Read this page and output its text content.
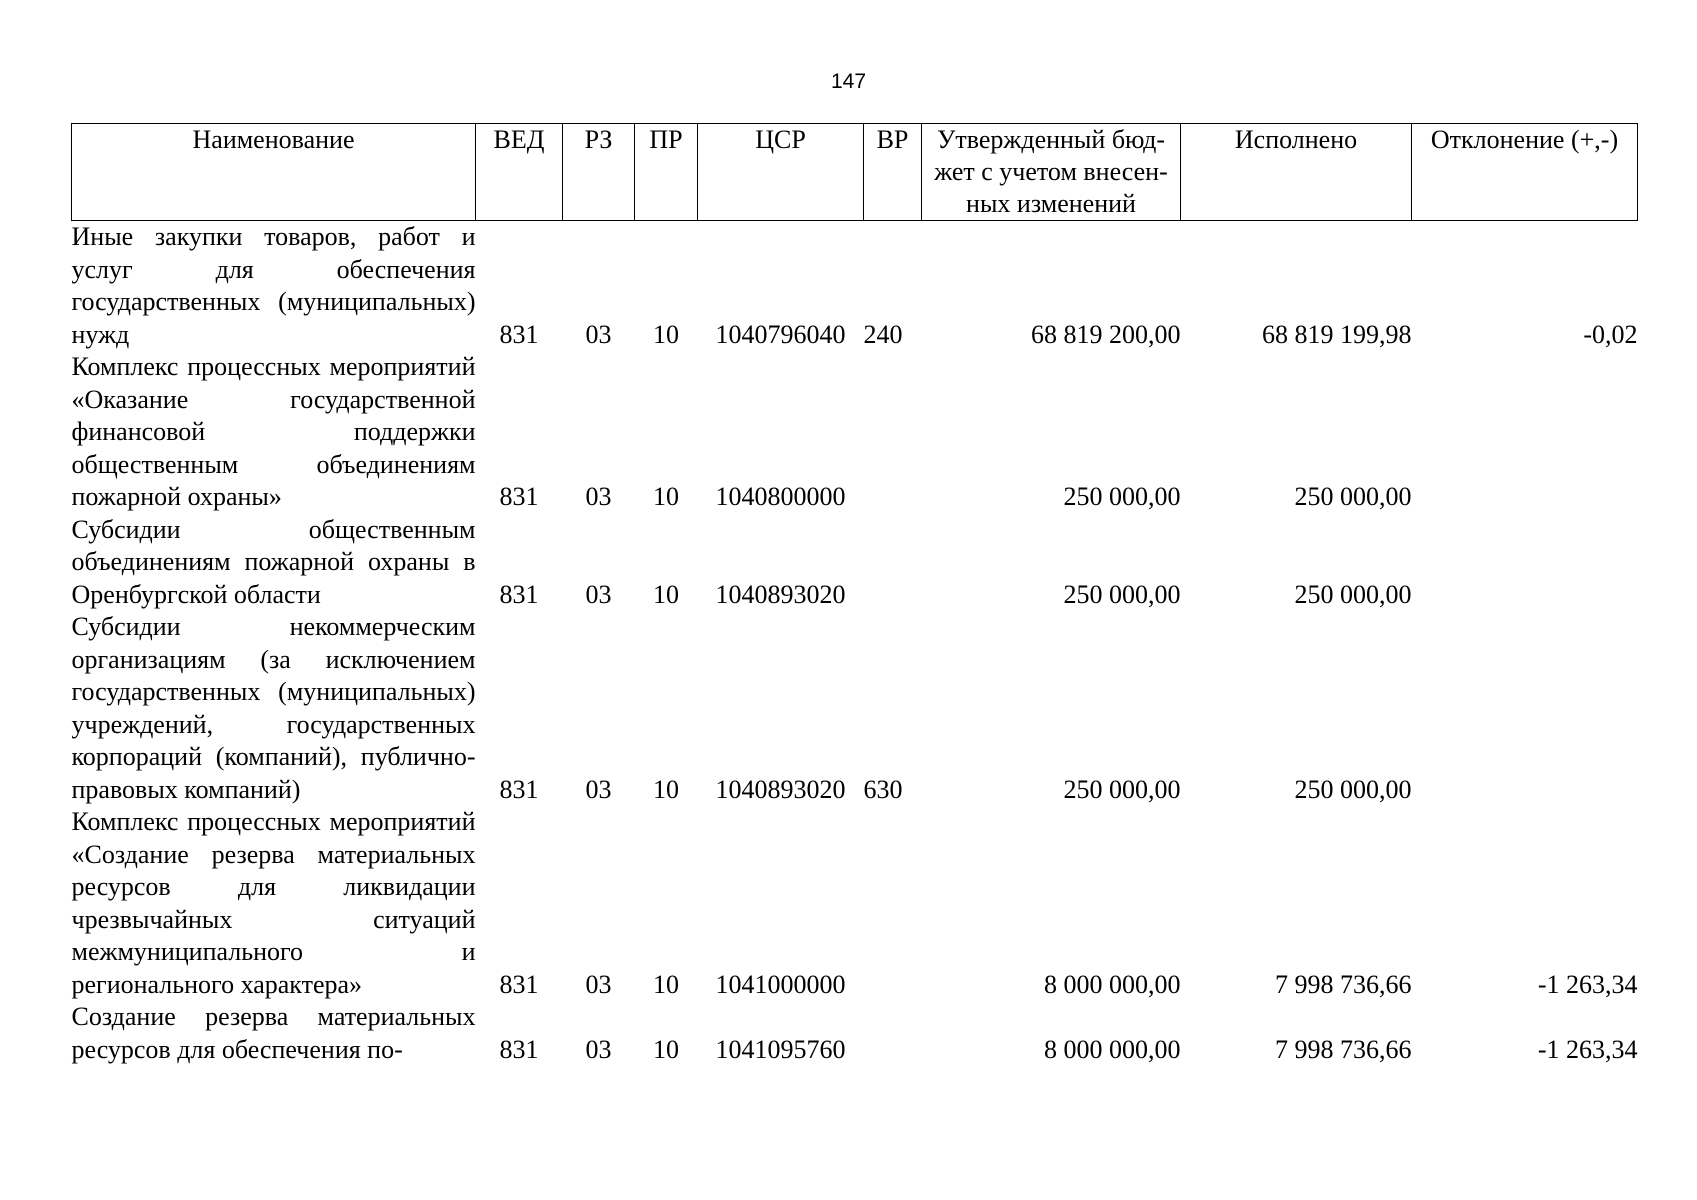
147
Наименование	ВЕД	РЗ	ПР	ЦСР	ВР	Утвержденный бюд-жет с учетом внесен-ных изменений	Исполнено	Отклонение (+,-)
Иные закупки товаров, работ и услуг для обеспечения государственных (муниципальных) нужд	831	03	10	1040796040	240	68 819 200,00	68 819 199,98	-0,02
Комплекс процессных мероприятий «Оказание государственной финансовой поддержки общественным объединениям пожарной охраны»	831	03	10	1040800000		250 000,00	250 000,00	
Субсидии общественным объединениям пожарной охраны в Оренбургской области	831	03	10	1040893020		250 000,00	250 000,00	
Субсидии некоммерческим организациям (за исключением государственных (муниципальных) учреждений, государственных корпораций (компаний), публично-правовых компаний)	831	03	10	1040893020	630	250 000,00	250 000,00	
Комплекс процессных мероприятий «Создание резерва материальных ресурсов для ликвидации чрезвычайных ситуаций межмуниципального и регионального характера»	831	03	10	1041000000		8 000 000,00	7 998 736,66	-1 263,34
Создание резерва материальных ресурсов для обеспечения по-	831	03	10	1041095760		8 000 000,00	7 998 736,66	-1 263,34
